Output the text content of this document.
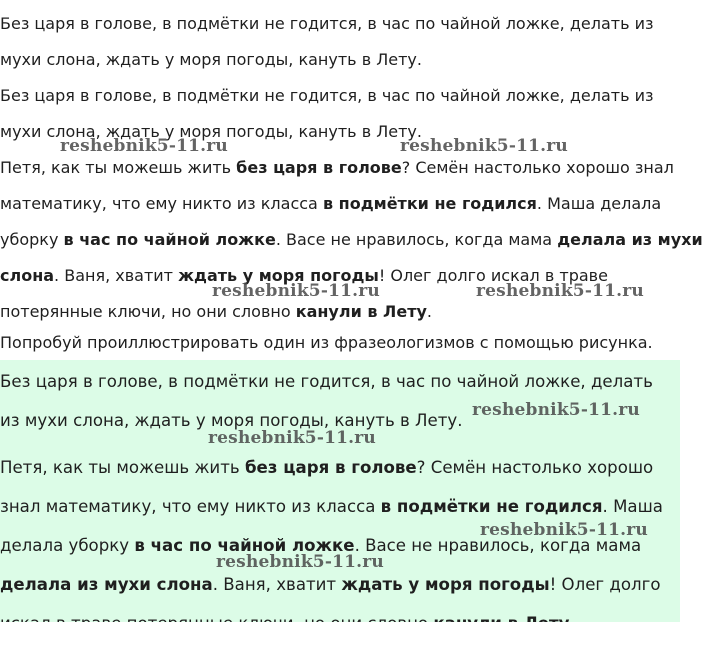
Без царя в голове, в подмётки не годится, в час по чайной ложке, делать из
мухи слона, ждать у моря погоды, кануть в Лету.

Без царя в голове, в подмётки не годится, в час по чайной ложке, делать из
мухи слона, ждать у моря погоды, кануть в Лету.

Петя, как ты можешь жить без царя в голове? Семён настолько хорошо знал
математику, что ему никто из класса в подмётки не годился. Маша делала
уборку в час по чайной ложке. Васе не нравилось, когда мама делала из мухи
слона. Ваня, хватит ждать у моря погоды! Олег долго искал в траве
потерянные ключи, но они словно канули в Лету.

Попробуй проиллюстрировать один из фразеологизмов с помощью рисунка.

Без царя в голове, в подмётки не годится, в час по чайной ложке, делать
из мухи слона, ждать у моря погоды, кануть в Лету.
Петя, как ты можешь жить без царя в голове? Семён настолько хорошо
знал математику, что ему никто из класса в подмётки не годился. Маша
делала уборку в час по чайной ложке. Васе не нравилось, когда мама
делала из мухи слона. Ваня, хватит ждать у моря погоды! Олег долго

reshebnik5-11.ru	reshebnik5-11.ru
reshebnik5-11.ru	reshebnik5-11.ru
reshebnik5-11.ru
reshebnik5-11.ru
reshebnik5-11.ru
reshebnik5-11.ru
